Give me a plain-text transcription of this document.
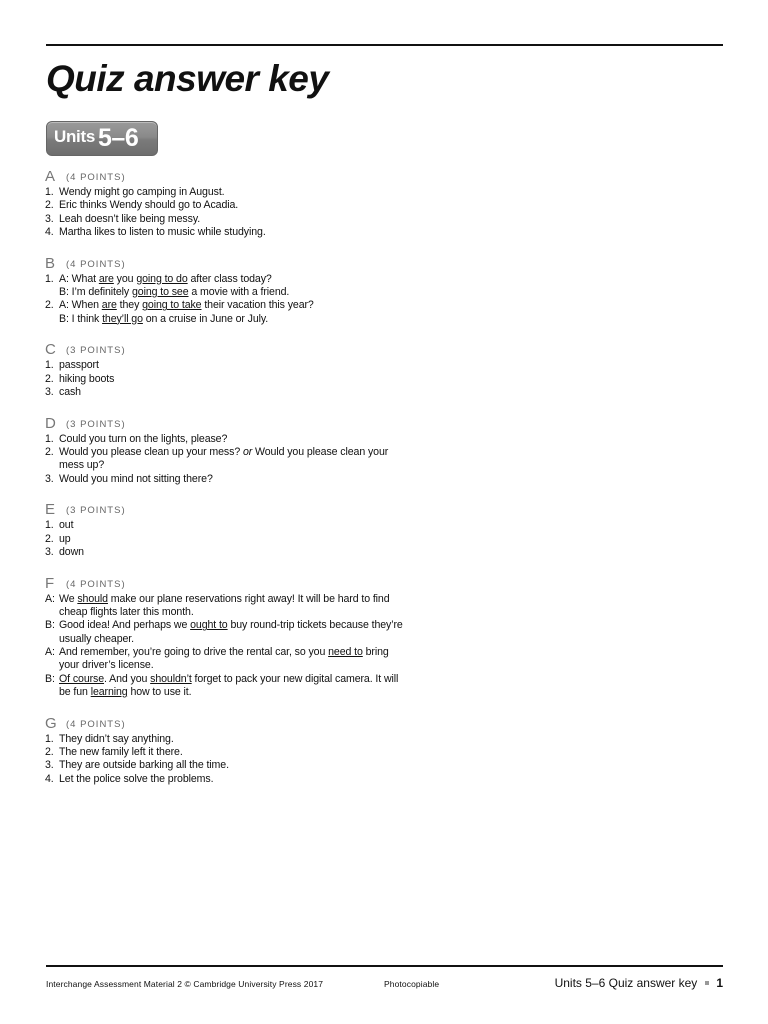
Quiz answer key
Units 5–6
A	(4 POINTS)
1. Wendy might go camping in August.
2. Eric thinks Wendy should go to Acadia.
3. Leah doesn’t like being messy.
4. Martha likes to listen to music while studying.
B	(4 POINTS)
1. A: What are you going to do after class today?
B: I’m definitely going to see a movie with a friend.
2. A: When are they going to take their vacation this year?
B: I think they’ll go on a cruise in June or July.
C	(3 POINTS)
1. passport
2. hiking boots
3. cash
D	(3 POINTS)
1. Could you turn on the lights, please?
2. Would you please clean up your mess? or Would you please clean your mess up?
3. Would you mind not sitting there?
E	(3 POINTS)
1. out
2. up
3. down
F	(4 POINTS)
A: We should make our plane reservations right away! It will be hard to find cheap flights later this month.
B: Good idea! And perhaps we ought to buy round-trip tickets because they’re usually cheaper.
A: And remember, you’re going to drive the rental car, so you need to bring your driver’s license.
B: Of course. And you shouldn’t forget to pack your new digital camera. It will be fun learning how to use it.
G (4 POINTS)
1. They didn’t say anything.
2. The new family left it there.
3. They are outside barking all the time.
4. Let the police solve the problems.
Interchange Assessment Material 2 © Cambridge University Press 2017	Photocopiable	Units 5–6 Quiz answer key 1
